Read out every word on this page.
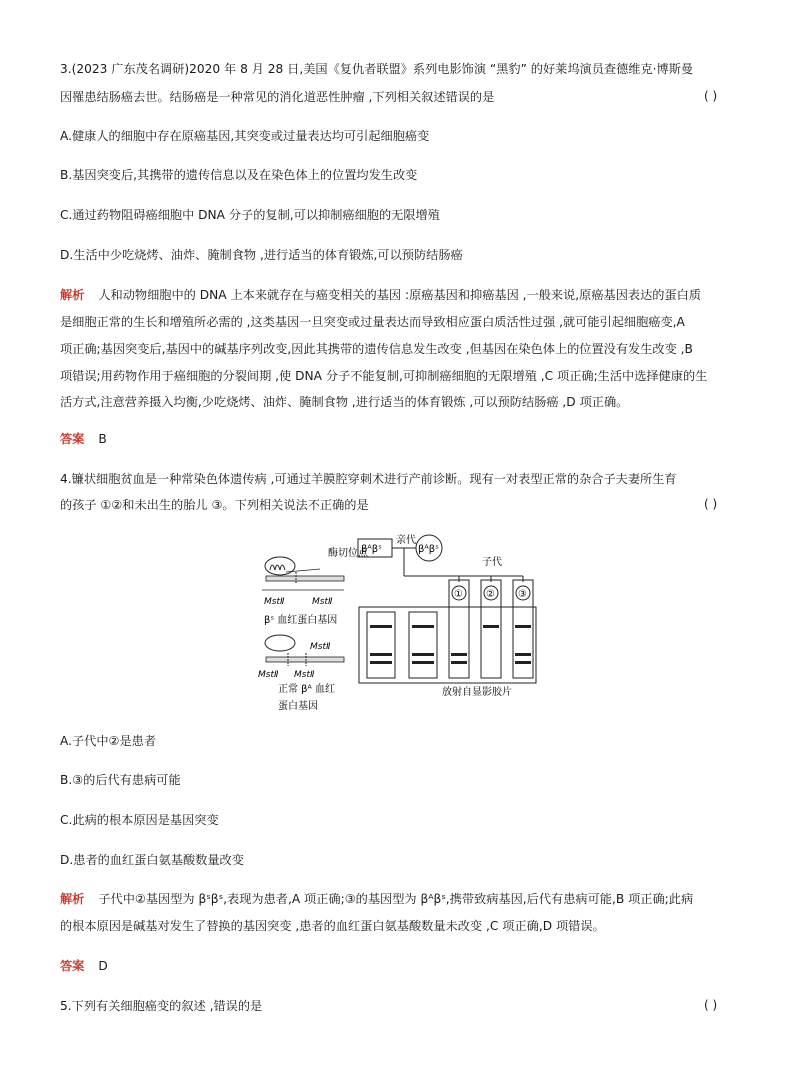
3.(2023 广东茂名调研)2020 年 8 月 28 日,美国《复仇者联盟》系列电影饰演 “黑豹” 的好莱坞演员查德维克·博斯曼
因罹患结肠癌去世。结肠癌是一种常见的消化道恶性肿瘤 ,下列相关叙述错误的是	( )
A.健康人的细胞中存在原癌基因,其突变或过量表达均可引起细胞癌变
B.基因突变后,其携带的遗传信息以及在染色体上的位置均发生改变
C.通过药物阻碍癌细胞中 DNA 分子的复制,可以抑制癌细胞的无限增殖
D.生活中少吃烧烤、油炸、腌制食物 ,进行适当的体育锻炼,可以预防结肠癌
解析 人和动物细胞中的 DNA 上本来就存在与癌变相关的基因 :原癌基因和抑癌基因 ,一般来说,原癌基因表达的蛋白质
是细胞正常的生长和增殖所必需的 ,这类基因一旦突变或过量表达而导致相应蛋白质活性过强 ,就可能引起细胞癌变,A
项正确;基因突变后,基因中的碱基序列改变,因此其携带的遗传信息发生改变 ,但基因在染色体上的位置没有发生改变 ,B
项错误;用药物作用于癌细胞的分裂间期 ,使 DNA 分子不能复制,可抑制癌细胞的无限增殖 ,C 项正确;生活中选择健康的生
活方式,注意营养摄入均衡,少吃烧烤、油炸、腌制食物 ,进行适当的体育锻炼 ,可以预防结肠癌 ,D 项正确。
答案 B
4.镰状细胞贫血是一种常染色体遗传病 ,可通过羊膜腔穿刺术进行产前诊断。现有一对表型正常的杂合子夫妻所生育
的孩子 ①②和未出生的胎儿 ③。下列相关说法不正确的是	( )
βᴬβˢ	βᴬβˢ
亲代
子代
① ② ③
放射自显影胶片
酶切位点
MstⅡ	MstⅡ
βˢ 血红蛋白基因
MstⅡ
MstⅡ MstⅡ
正常 βᴬ 血红
蛋白基因
A.子代中②是患者
B.③的后代有患病可能
C.此病的根本原因是基因突变
D.患者的血红蛋白氨基酸数量改变
解析 子代中②基因型为 βˢβˢ,表现为患者,A 项正确;③的基因型为 βᴬβˢ,携带致病基因,后代有患病可能,B 项正确;此病
的根本原因是碱基对发生了替换的基因突变 ,患者的血红蛋白氨基酸数量未改变 ,C 项正确,D 项错误。
答案 D
5.下列有关细胞癌变的叙述 ,错误的是	( )
